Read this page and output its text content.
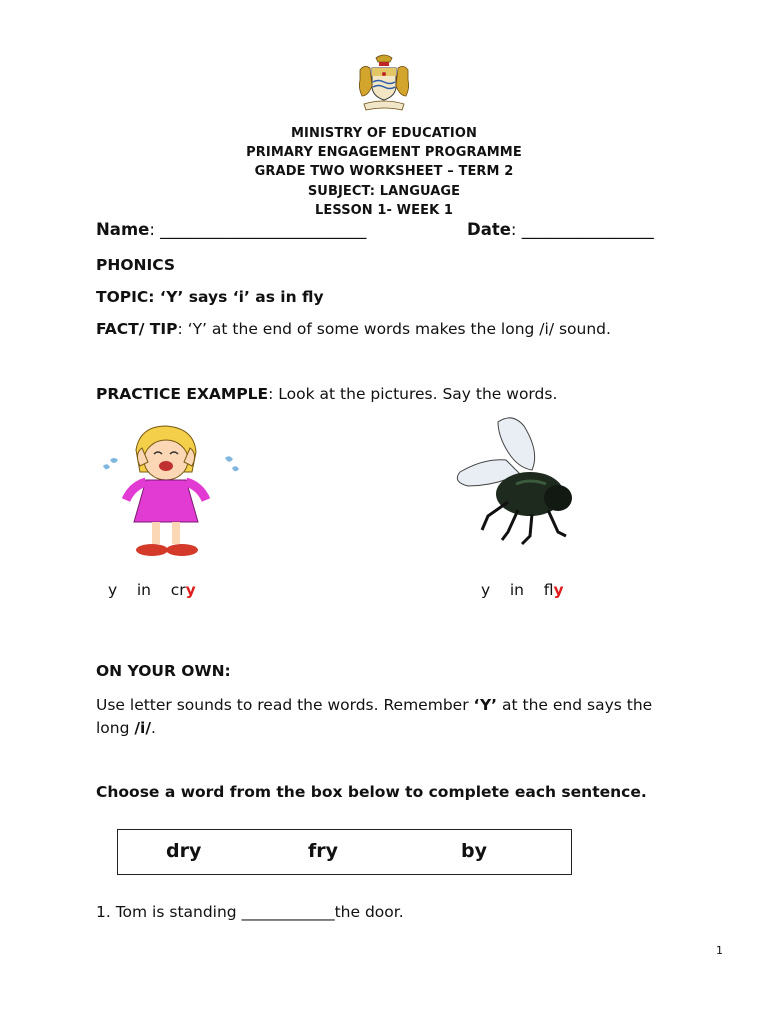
MINISTRY OF EDUCATION
PRIMARY ENGAGEMENT PROGRAMME
GRADE TWO WORKSHEET – TERM 2
SUBJECT: LANGUAGE
LESSON 1- WEEK 1
Name: _________________________	Date: ________________
PHONICS
TOPIC: ‘Y’ says ‘i’ as in fly
FACT/ TIP: ‘Y’ at the end of some words makes the long /i/ sound.
PRACTICE EXAMPLE: Look at the pictures. Say the words.
y    in    cry	y    in    fly
ON YOUR OWN:
Use letter sounds to read the words. Remember ‘Y’ at the end says the
long /i/.
Choose a word from the box below to complete each sentence.
dry	fry	by
1. Tom is standing ____________the door.
1
